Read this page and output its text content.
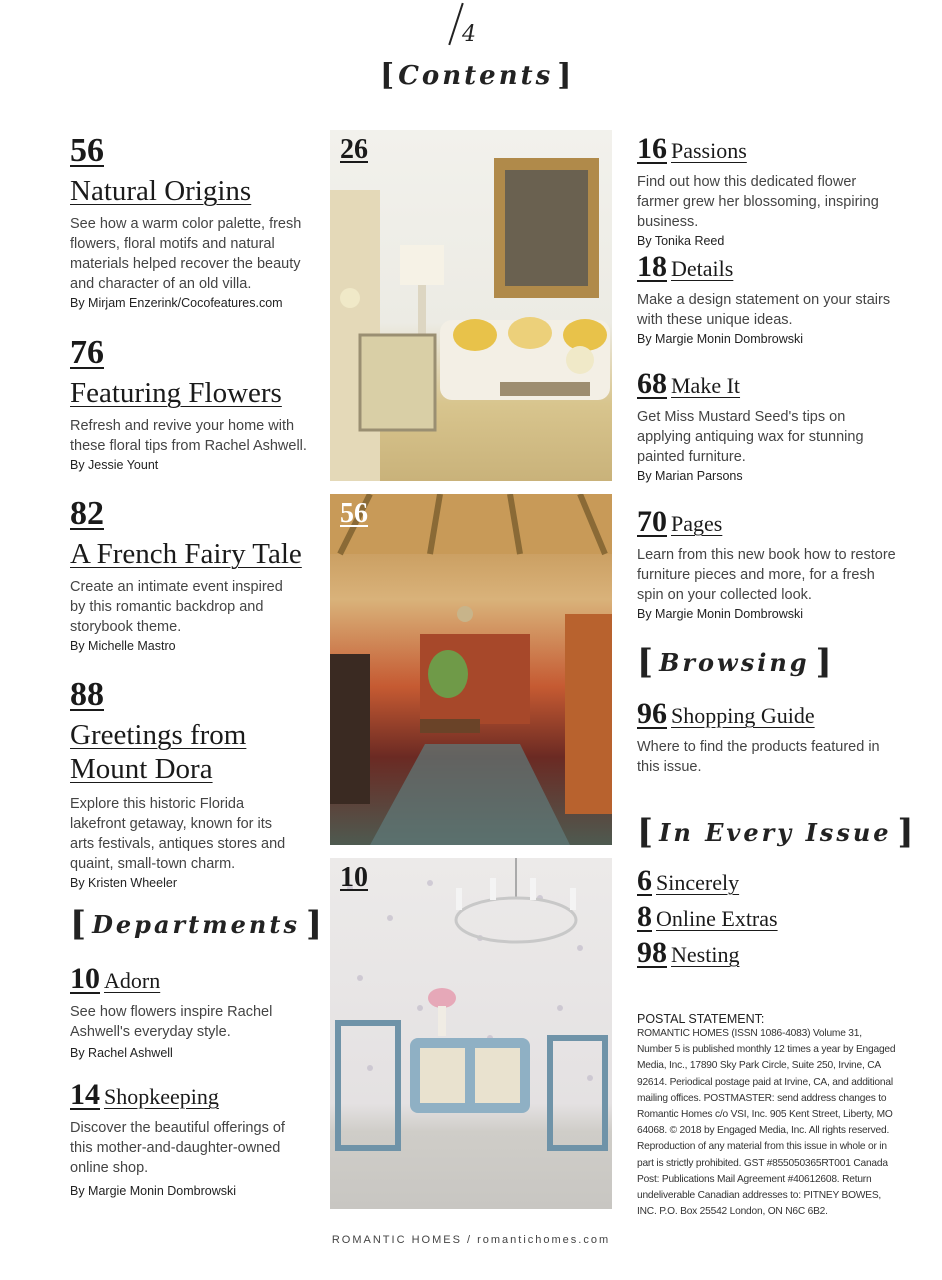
4
[ Contents ]
56
Natural Origins
See how a warm color palette, fresh flowers, floral motifs and natural materials helped recover the beauty and character of an old villa.
By Mirjam Enzerink/Cocofeatures.com
76
Featuring Flowers
Refresh and revive your home with these floral tips from Rachel Ashwell.
By Jessie Yount
82
A French Fairy Tale
Create an intimate event inspired by this romantic backdrop and storybook theme.
By Michelle Mastro
88
Greetings from Mount Dora
Explore this historic Florida lakefront getaway, known for its arts festivals, antiques stores and quaint, small-town charm.
By Kristen Wheeler
[ Departments ]
10 Adorn
See how flowers inspire Rachel Ashwell's everyday style.
By Rachel Ashwell
14 Shopkeeping
Discover the beautiful offerings of this mother-and-daughter-owned online shop.
By Margie Monin Dombrowski
26
56
10
16 Passions
Find out how this dedicated flower farmer grew her blossoming, inspiring business.
By Tonika Reed
18 Details
Make a design statement on your stairs with these unique ideas.
By Margie Monin Dombrowski
68 Make It
Get Miss Mustard Seed's tips on applying antiquing wax for stunning painted furniture.
By Marian Parsons
70 Pages
Learn from this new book how to restore furniture pieces and more, for a fresh spin on your collected look.
By Margie Monin Dombrowski
[ Browsing ]
96 Shopping Guide
Where to find the products featured in this issue.
[ In Every Issue ]
6 Sincerely
8 Online Extras
98 Nesting
POSTAL STATEMENT:
ROMANTIC HOMES (ISSN 1086-4083) Volume 31, Number 5 is published monthly 12 times a year by Engaged Media, Inc., 17890 Sky Park Circle, Suite 250, Irvine, CA 92614. Periodical postage paid at Irvine, CA, and additional mailing offices. POSTMASTER: send address changes to Romantic Homes c/o VSI, Inc. 905 Kent Street, Liberty, MO 64068. © 2018 by Engaged Media, Inc. All rights reserved. Reproduction of any material from this issue in whole or in part is strictly prohibited. GST #855050365RT001 Canada Post: Publications Mail Agreement #40612608. Return undeliverable Canadian addresses to: PITNEY BOWES, INC. P.O. Box 25542 London, ON N6C 6B2.
ROMANTIC HOMES / romantichomes.com
